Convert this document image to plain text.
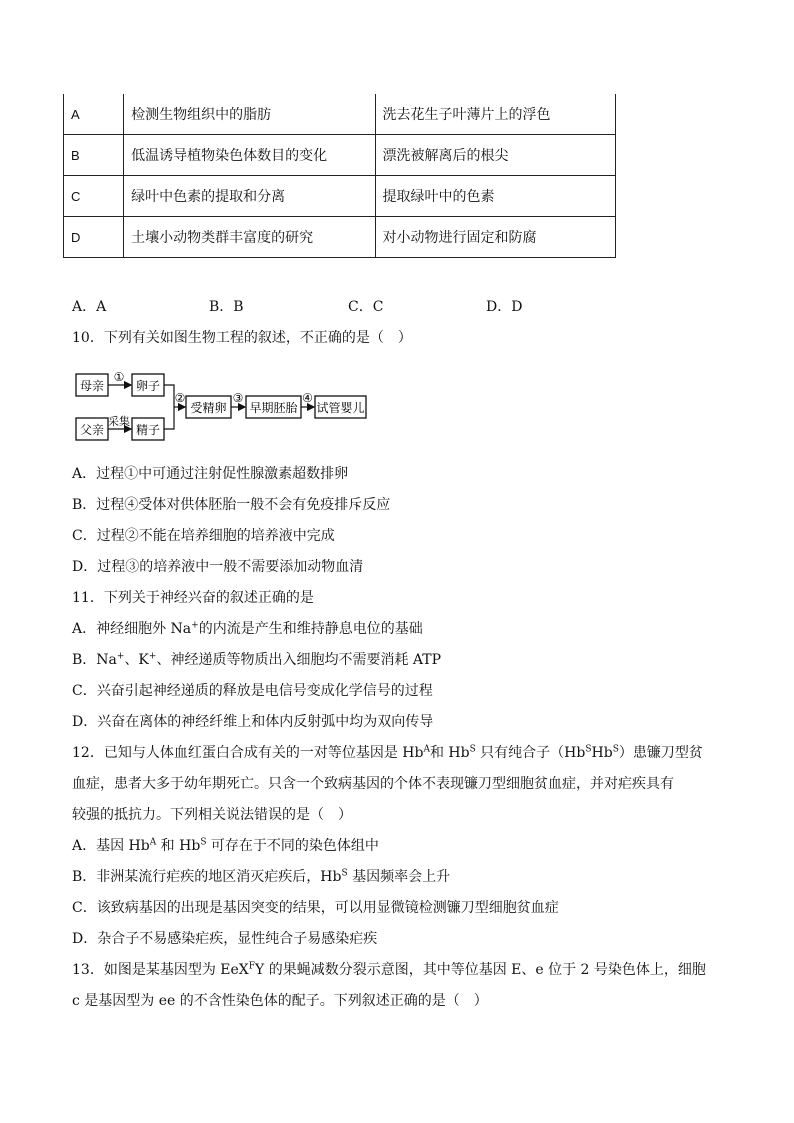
A	检测生物组织中的脂肪	洗去花生子叶薄片上的浮色
B	低温诱导植物染色体数目的变化	漂洗被解离后的根尖
C	绿叶中色素的提取和分离	提取绿叶中的色素
D	土壤小动物类群丰富度的研究	对小动物进行固定和防腐
A．A	B．B	C．C	D．D
10．下列有关如图生物工程的叙述，不正确的是（　）
母亲
父亲
卵子
精子
受精卵 早期胚胎 试管婴儿
①
采集
②	③	④
A．过程①中可通过注射促性腺激素超数排卵
B．过程④受体对供体胚胎一般不会有免疫排斥反应
C．过程②不能在培养细胞的培养液中完成
D．过程③的培养液中一般不需要添加动物血清
11．下列关于神经兴奋的叙述正确的是
A．神经细胞外 Na+的内流是产生和维持静息电位的基础
B．Na+、K+、神经递质等物质出入细胞均不需要消耗 ATP
C．兴奋引起神经递质的释放是电信号变成化学信号的过程
D．兴奋在离体的神经纤维上和体内反射弧中均为双向传导
12．已知与人体血红蛋白合成有关的一对等位基因是 $Hb^A$和 $Hb^S$ 只有纯合子$(Hb^SHb^S)$患镰刀型贫
血症，患者大多于幼年期死亡。只含一个致病基因的个体不表现镰刀型细胞贫血症，并对疟疾具有
较强的抵抗力。下列相关说法错误的是（　）
A．基因 $Hb^A$ 和 $Hb^S$ 可存在于不同的染色体组中
B．非洲某流行疟疾的地区消灭疟疾后，$Hb^S$ 基因频率会上升
C．该致病基因的出现是基因突变的结果，可以用显微镜检测镰刀型细胞贫血症
D．杂合子不易感染疟疾，显性纯合子易感染疟疾
13．如图是某基因型为 EeX$^F$Y 的果蝇减数分裂示意图，其中等位基因 E、e 位于 2 号染色体上，细胞
c 是基因型为 ee 的不含性染色体的配子。下列叙述正确的是（　）
